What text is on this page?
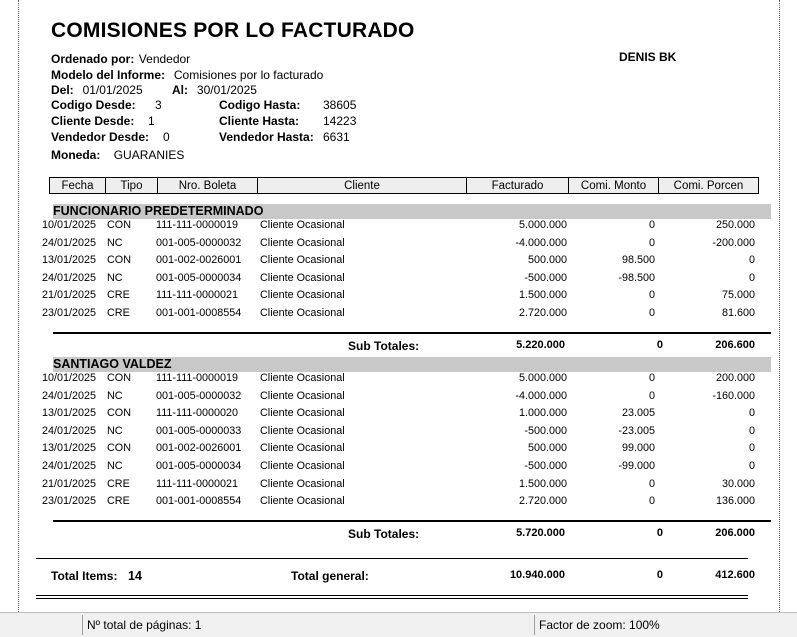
COMISIONES POR LO FACTURADO
DENIS BK
Ordenado por: Vendedor
Modelo del Informe: Comisiones por lo facturado
Del: 01/01/2025 Al: 30/01/2025
Codigo Desde: 3	Codigo Hasta: 38605
Cliente Desde: 1	Cliente Hasta: 14223
Vendedor Desde: 0	Vendedor Hasta: 6631
Moneda: GUARANIES
Fecha	Tipo	Nro. Boleta	Cliente	Facturado	Comi. Monto	Comi. Porcen
FUNCIONARIO PREDETERMINADO
10/01/2025 CON	111-111-0000019	Cliente Ocasional	5.000.000	0	250.000
24/01/2025 NC	001-005-0000032	Cliente Ocasional	-4.000.000	0	-200.000
13/01/2025 CON	001-002-0026001	Cliente Ocasional	500.000	98.500	0
24/01/2025 NC	001-005-0000034	Cliente Ocasional	-500.000	-98.500	0
21/01/2025 CRE	111-111-0000021	Cliente Ocasional	1.500.000	0	75.000
23/01/2025 CRE	001-001-0008554	Cliente Ocasional	2.720.000	0	81.600
Sub Totales:	5.220.000	0	206.600
SANTIAGO VALDEZ
10/01/2025 CON	111-111-0000019	Cliente Ocasional	5.000.000	0	200.000
24/01/2025 NC	001-005-0000032	Cliente Ocasional	-4.000.000	0	-160.000
13/01/2025 CON	111-111-0000020	Cliente Ocasional	1.000.000	23.005	0
24/01/2025 NC	001-005-0000033	Cliente Ocasional	-500.000	-23.005	0
13/01/2025 CON	001-002-0026001	Cliente Ocasional	500.000	99.000	0
24/01/2025 NC	001-005-0000034	Cliente Ocasional	-500.000	-99.000	0
21/01/2025 CRE	111-111-0000021	Cliente Ocasional	1.500.000	0	30.000
23/01/2025 CRE	001-001-0008554	Cliente Ocasional	2.720.000	0	136.000
Sub Totales:	5.720.000	0	206.000
Total Items: 14	Total general:	10.940.000	0	412.600
Nº total de páginas: 1	Factor de zoom: 100%
